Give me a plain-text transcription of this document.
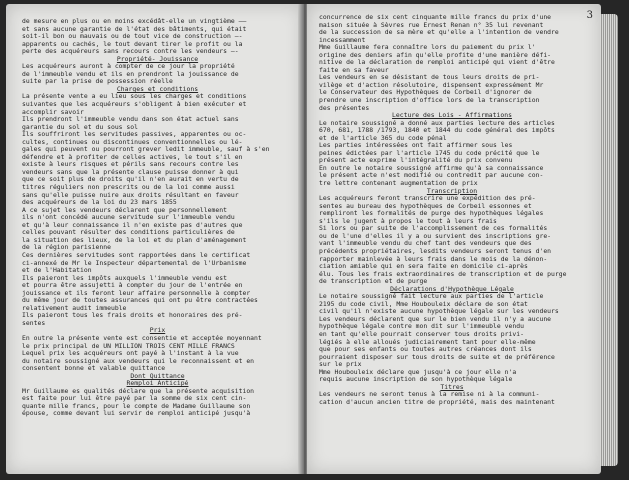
de mesure en plus ou en moins excédât-elle un vingtième ——
et sans aucune garantie de l'état des bâtiments, qui était
soit-il bon ou mauvais ou de tout vice de construction —-
apparents ou cachés, le tout devant tirer le profit ou la
perte des acquéreurs sans recours contre les vendeurs —-
Propriété- Jouissance
Les acquéreurs auront à compter de ce jour la propriété
de l'immeuble vendu et ils en prendront la jouissance de
suite par la prise de possession réelle
Charges et conditions
La présente vente a eu lieu sous les charges et conditions
suivantes que les acquéreurs s'obligent à bien exécuter et
accomplir savoir
Ils prendront l'immeuble vendu dans son état actuel sans
garantie du sol et du sous sol
Ils souffriront les servitudes passives, apparentes ou oc-
cultes, continues ou discontinues conventionnelles ou lé-
gales qui peuvent ou pourront grever ledit immeuble, sauf à s'en
défendre et à profiter de celles actives, le tout s'il en
existe à leurs risques et périls sans recours contre les
vendeurs sans que la présente clause puisse donner à qui
que ce soit plus de droits qu'il n'en aurait en vertu de
titres réguliers non prescrits ou de la loi comme aussi
sans qu'elle puisse nuire aux droits résultant en faveur
des acquéreurs de la loi du 23 mars 1855
A ce sujet les vendeurs déclarent que personnellement
ils n'ont concédé aucune servitude sur l'immeuble vendu
et qu'à leur connaissance il n'en existe pas d'autres que
celles pouvant résulter des conditions particulières de
la situation des lieux, de la loi et du plan d'aménagement
de la région parisienne
Ces dernières servitudes sont rapportées dans le certificat
ci-annexé de Mr le Inspecteur départemental de l'Urbanisme
et de l'Habitation
Ils paieront les impôts auxquels l'immeuble vendu est
et pourra être assujetti à compter du jour de l'entrée en
jouissance et ils feront leur affaire personnelle à compter
du même jour de toutes assurances qui ont pu être contractées
relativement audit immeuble
Ils paieront tous les frais droits et honoraires des pré-
sentes
Prix
En outre la présente vente est consentie et acceptée moyennant
le prix principal de UN MILLION TROIS CENT MILLE FRANCS
Lequel prix les acquéreurs ont payé à l'instant à la vue
du notaire soussigné aux vendeurs qui le reconnaissent et en
consentent bonne et valable quittance
Dont Quittance
Remploi Anticipé
Mr Guillaume es qualités déclare que la présente acquisition
est faite pour lui être payé par la somme de six cent cin-
quante mille francs, pour le compte de Madame Guillaume son
épouse, comme devant lui servir de remploi anticipé jusqu'à
3
concurrence de six cent cinquante mille francs du prix d'une
maison située à Sèvres rue Ernest Renan n° 35 lui revenant
de la succession de sa mère et qu'elle a l'intention de vendre
incessamment
Mme Guillaume fera connaître lors du paiement du prix l'
origine des deniers afin qu'elle profite d'une manière défi-
nitive de la déclaration de remploi anticipé qui vient d'être
faite en sa faveur
Les vendeurs en se désistant de tous leurs droits de pri-
vilège et d'action résolutoire, dispensent expressément Mr
le Conservateur des Hypothèques de Corbeil d'ignorer de
prendre une inscription d'office lors de la transcription
des présentes
Lecture des Lois - Affirmations
Le notaire soussigné a donné aux parties lecture des articles
670, 681, 1788 /1793, 1840 et 1844 du code général des impôts
et de l'article 365 du code pénal
Les parties intéressées ont fait affirmer sous les
peines édictées par l'article 1745 du code précité que le
présent acte exprime l'intégralité du prix convenu
En outre le notaire soussigné affirme qu'à sa connaissance
le présent acte n'est modifié ou contredit par aucune con-
tre lettre contenant augmentation de prix
Transcription
Les acquéreurs feront transcrire une expédition des pré-
sentes au bureau des hypothèques de Corbeil essonnes et
rempliront les formalités de purge des hypothèques légales
s'ils le jugent à propos le tout à leurs frais
Si lors ou par suite de l'accomplissement de ces formalités
ou de l'une d'elles il y a ou survient des inscriptions gre-
vant l'immeuble vendu du chef tant des vendeurs que des
précédents propriétaires, lesdits vendeurs seront tenus d'en
rapporter mainlevée à leurs frais dans le mois de la dénon-
ciation amiable qui en sera faite en domicile ci-après
élu. Tous les frais extraordinaires de transcription et de purge
de transcription et de purge
Déclarations d'Hypothèque Légale
Le notaire soussigné fait lecture aux parties de l'article
2195 du code civil, Mme Houbouleix déclare de son état
civil qu'il n'existe aucune hypothèque légale sur les vendeurs
Les vendeurs déclarent que sur le bien vendu il n'y a aucune
hypothèque légale contre mon dit sur l'immeuble vendu
en tant qu'elle pourrait conserver tous droits privi-
légiés à elle alloués judiciairement tant pour elle-même
que pour ses enfants ou toutes autres créances dont ils
pourraient disposer sur tous droits de suite et de préférence
sur le prix
Mme Houbouleix déclare que jusqu'à ce jour elle n'a
requis aucune inscription de son hypothèque légale
Titres
Les vendeurs ne seront tenus à la remise ni à la communi-
cation d'aucun ancien titre de propriété, mais des maintenant
